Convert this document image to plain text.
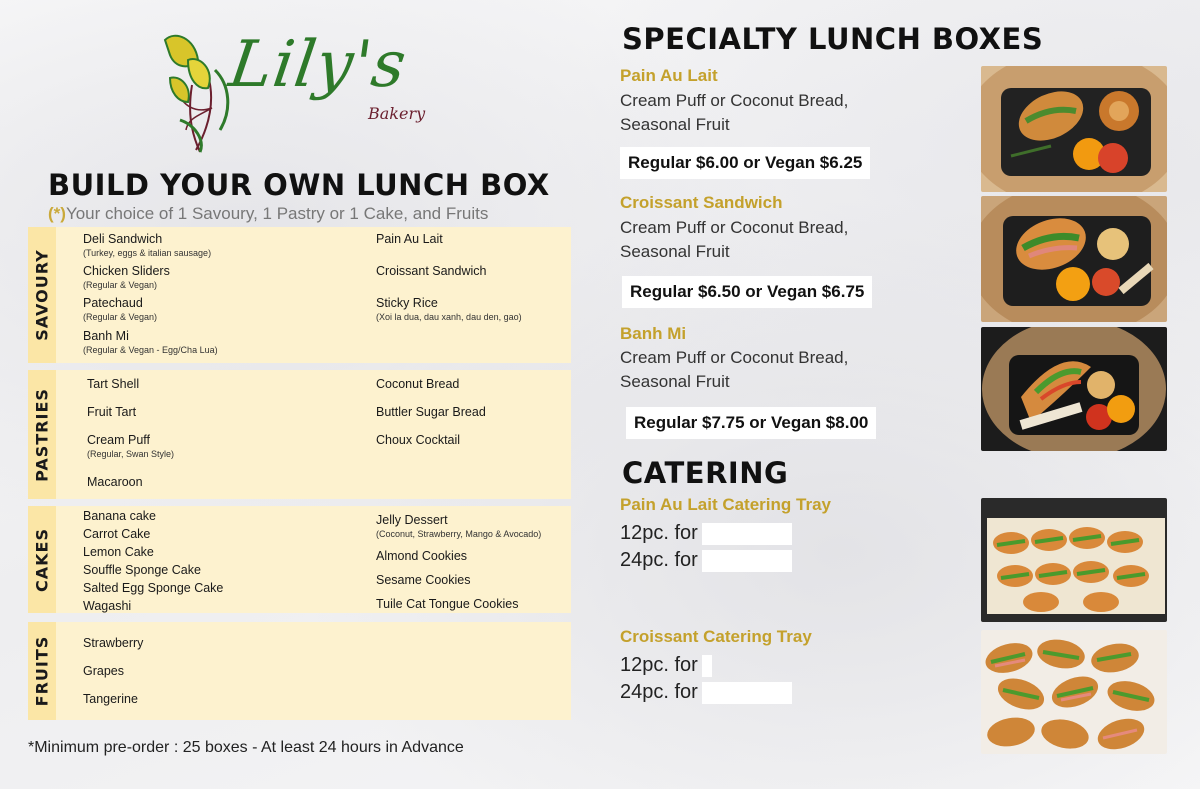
Lily's
Bakery
BUILD YOUR OWN LUNCH BOX
(*)Your choice of 1 Savoury, 1 Pastry or 1 Cake, and Fruits
SAVOURY
Deli Sandwich
(Turkey, eggs & italian sausage)
Chicken Sliders
(Regular & Vegan)
Patechaud
(Regular & Vegan)
Banh Mi
(Regular & Vegan - Egg/Cha Lua)
Pain Au Lait
Croissant Sandwich
Sticky Rice
(Xoi la dua, dau xanh, dau den, gao)
PASTRIES
Tart Shell
Fruit Tart
Cream Puff
(Regular, Swan Style)
Macaroon
Coconut Bread
Buttler Sugar Bread
Choux Cocktail
CAKES
Banana cake
Carrot Cake
Lemon Cake
Souffle Sponge Cake
Salted Egg Sponge Cake
Wagashi
Jelly Dessert
(Coconut, Strawberry, Mango & Avocado)
Almond Cookies
Sesame Cookies
Tuile Cat Tongue Cookies
FRUITS	Strawberry
Grapes
Tangerine
*Minimum pre-order : 25 boxes - At least 24 hours in Advance
SPECIALTY LUNCH BOXES
Pain Au Lait
Cream Puff or Coconut Bread,
Seasonal Fruit
Regular $6.00 or Vegan $6.25
Croissant Sandwich
Cream Puff or Coconut Bread,
Seasonal Fruit
Regular $6.50 or Vegan $6.75
Banh Mi
Cream Puff or Coconut Bread,
Seasonal Fruit
Regular $7.75 or Vegan $8.00
CATERING
Pain Au Lait Catering Tray
12pc. for
24pc. for
Croissant Catering Tray
12pc. for
24pc. for
